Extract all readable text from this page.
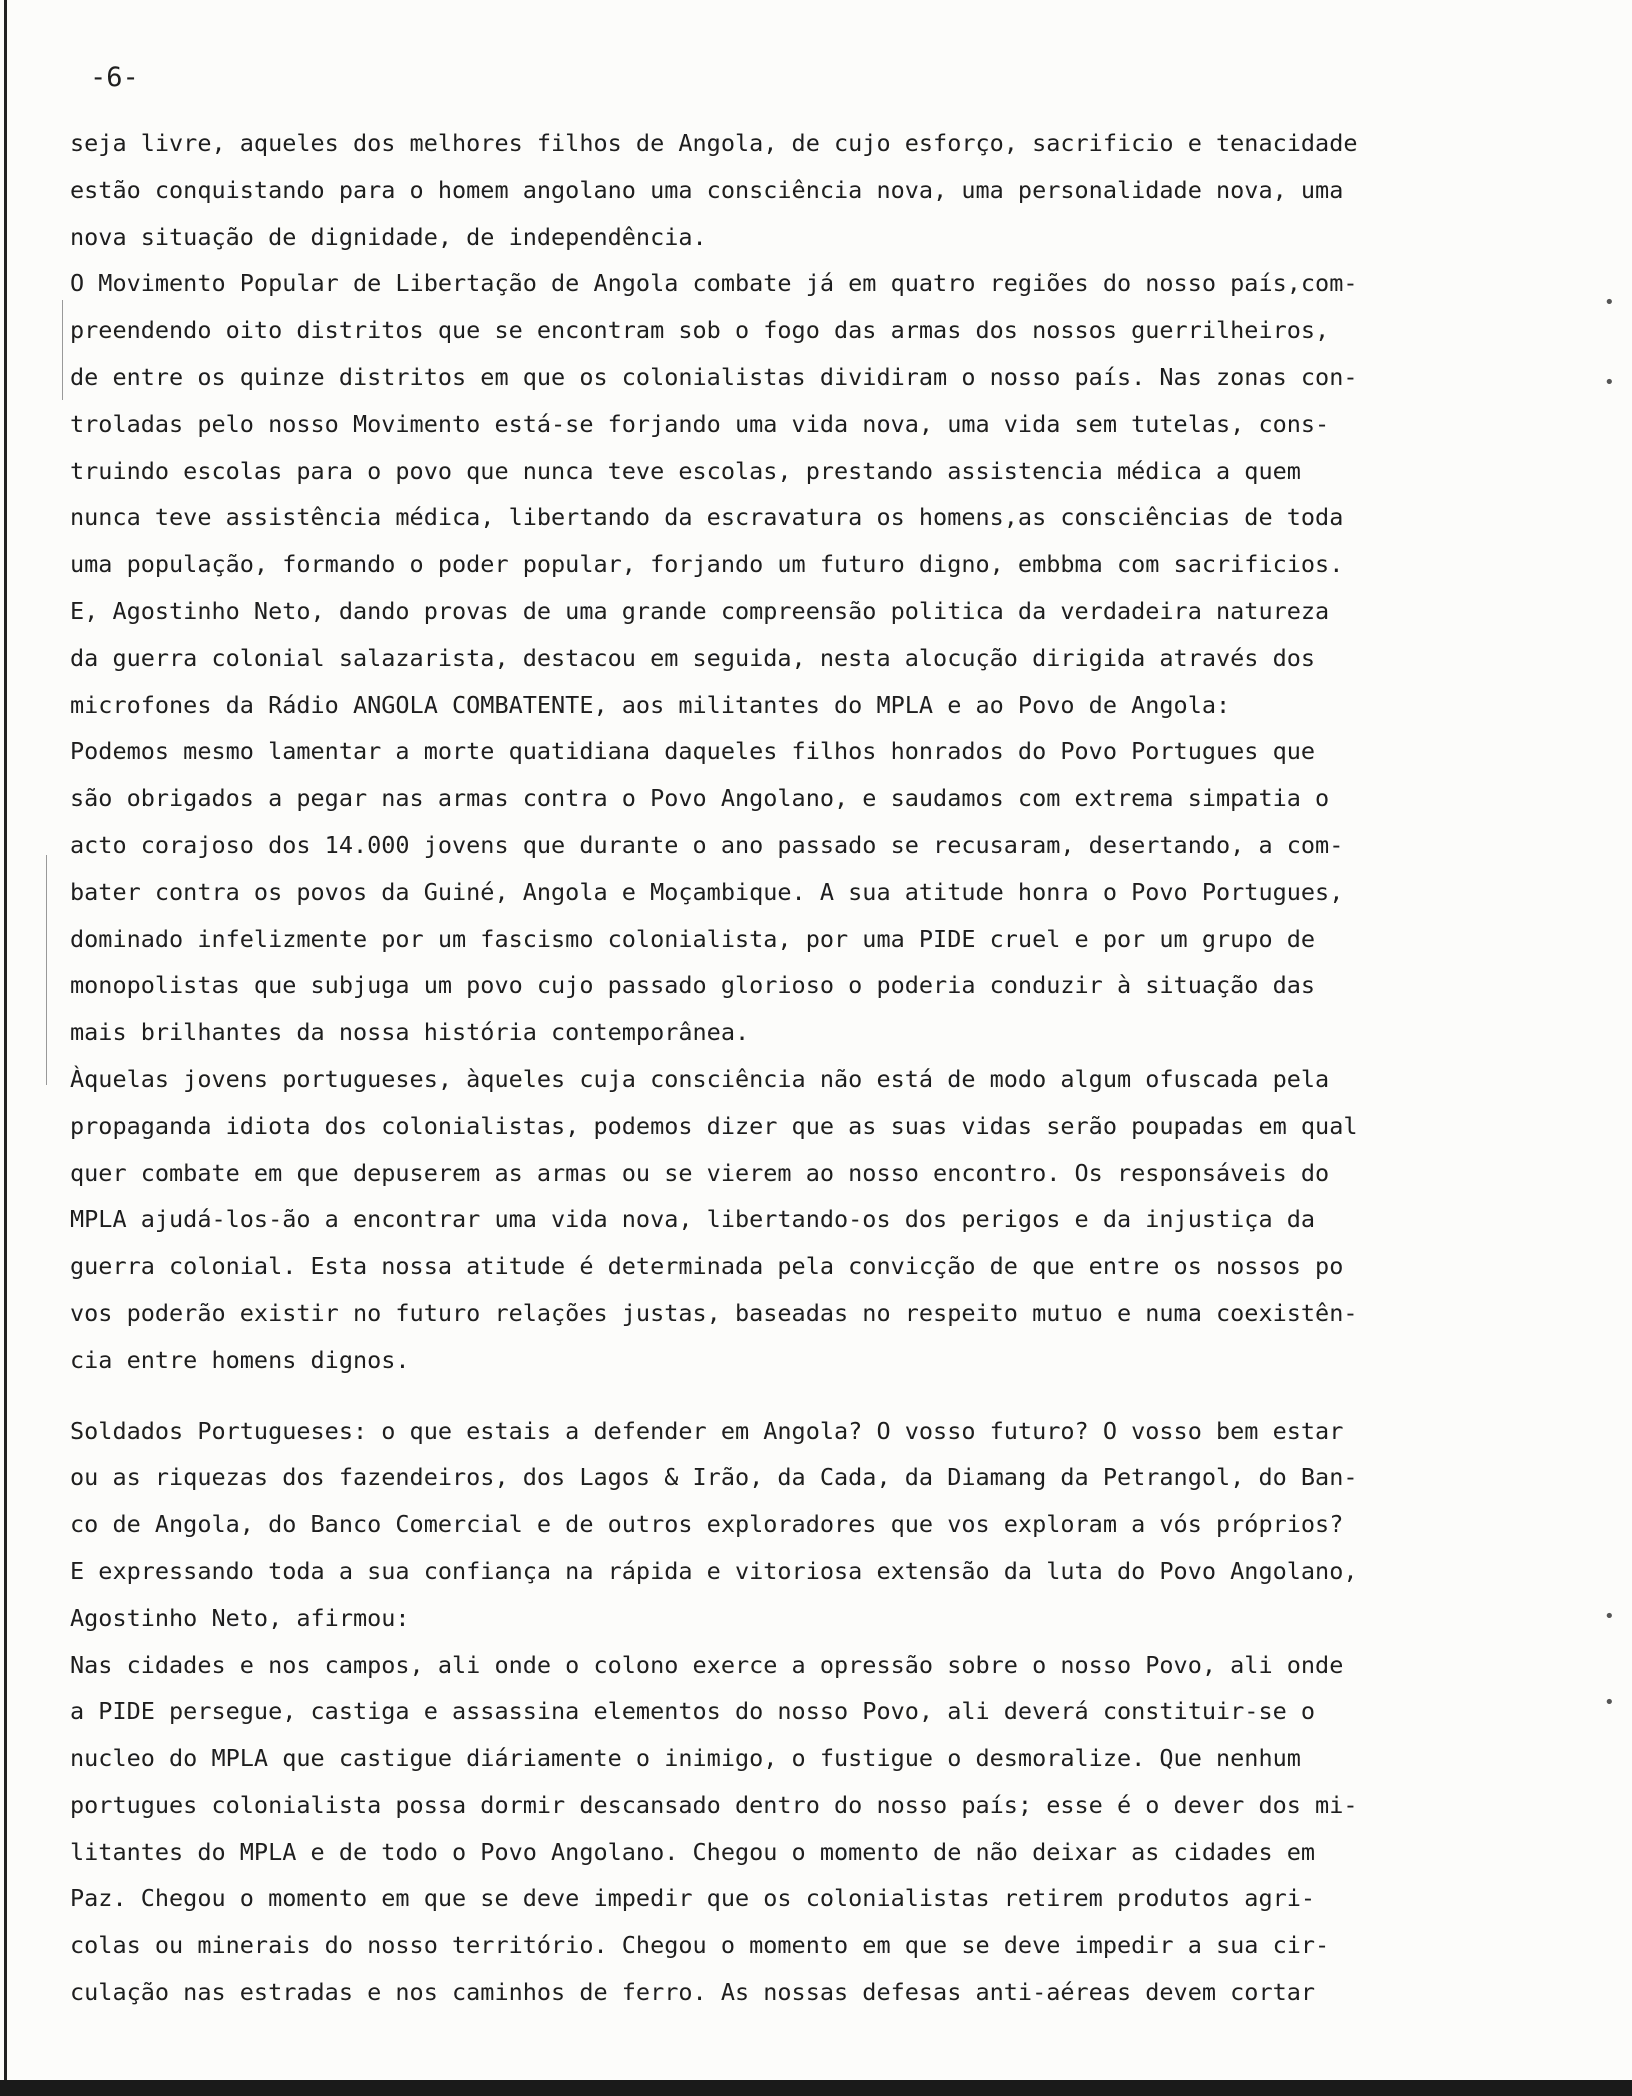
•
•
•
•
-6-
seja livre, aqueles dos melhores filhos de Angola, de cujo esforço, sacrificio e tenacidade
estão conquistando para o homem angolano uma consciência nova, uma personalidade nova, uma
nova situação de dignidade, de independência.
O Movimento Popular de Libertação de Angola combate já em quatro regiões do nosso país,com-
preendendo oito distritos que se encontram sob o fogo das armas dos nossos guerrilheiros,
de entre os quinze distritos em que os colonialistas dividiram o nosso país. Nas zonas con-
troladas pelo nosso Movimento está-se forjando uma vida nova, uma vida sem tutelas, cons-
truindo escolas para o povo que nunca teve escolas, prestando assistencia médica a quem
nunca teve assistência médica, libertando da escravatura os homens,as consciências de toda
uma população, formando o poder popular, forjando um futuro digno, embbma com sacrificios.
E, Agostinho Neto, dando provas de uma grande compreensão politica da verdadeira natureza
da guerra colonial salazarista, destacou em seguida, nesta alocução dirigida através dos
microfones da Rádio ANGOLA COMBATENTE, aos militantes do MPLA e ao Povo de Angola:
Podemos mesmo lamentar a morte quatidiana daqueles filhos honrados do Povo Portugues que
são obrigados a pegar nas armas contra o Povo Angolano, e saudamos com extrema simpatia o
acto corajoso dos 14.000 jovens que durante o ano passado se recusaram, desertando, a com-
bater contra os povos da Guiné, Angola e Moçambique. A sua atitude honra o Povo Portugues,
dominado infelizmente por um fascismo colonialista, por uma PIDE cruel e por um grupo de
monopolistas que subjuga um povo cujo passado glorioso o poderia conduzir à situação das
mais brilhantes da nossa história contemporânea.
Àquelas jovens portugueses, àqueles cuja consciência não está de modo algum ofuscada pela
propaganda idiota dos colonialistas, podemos dizer que as suas vidas serão poupadas em qual
quer combate em que depuserem as armas ou se vierem ao nosso encontro. Os responsáveis do
MPLA ajudá-los-ão a encontrar uma vida nova, libertando-os dos perigos e da injustiça da
guerra colonial. Esta nossa atitude é determinada pela convicção de que entre os nossos po
vos poderão existir no futuro relações justas, baseadas no respeito mutuo e numa coexistên-
cia entre homens dignos.
Soldados Portugueses: o que estais a defender em Angola? O vosso futuro? O vosso bem estar
ou as riquezas dos fazendeiros, dos Lagos & Irão, da Cada, da Diamang da Petrangol, do Ban-
co de Angola, do Banco Comercial e de outros exploradores que vos exploram a vós próprios?
E expressando toda a sua confiança na rápida e vitoriosa extensão da luta do Povo Angolano,
Agostinho Neto, afirmou:
Nas cidades e nos campos, ali onde o colono exerce a opressão sobre o nosso Povo, ali onde
a PIDE persegue, castiga e assassina elementos do nosso Povo, ali deverá constituir-se o
nucleo do MPLA que castigue diáriamente o inimigo, o fustigue o desmoralize. Que nenhum
portugues colonialista possa dormir descansado dentro do nosso país; esse é o dever dos mi-
litantes do MPLA e de todo o Povo Angolano. Chegou o momento de não deixar as cidades em
Paz. Chegou o momento em que se deve impedir que os colonialistas retirem produtos agri-
colas ou minerais do nosso território. Chegou o momento em que se deve impedir a sua cir-
culação nas estradas e nos caminhos de ferro. As nossas defesas anti-aéreas devem cortar
